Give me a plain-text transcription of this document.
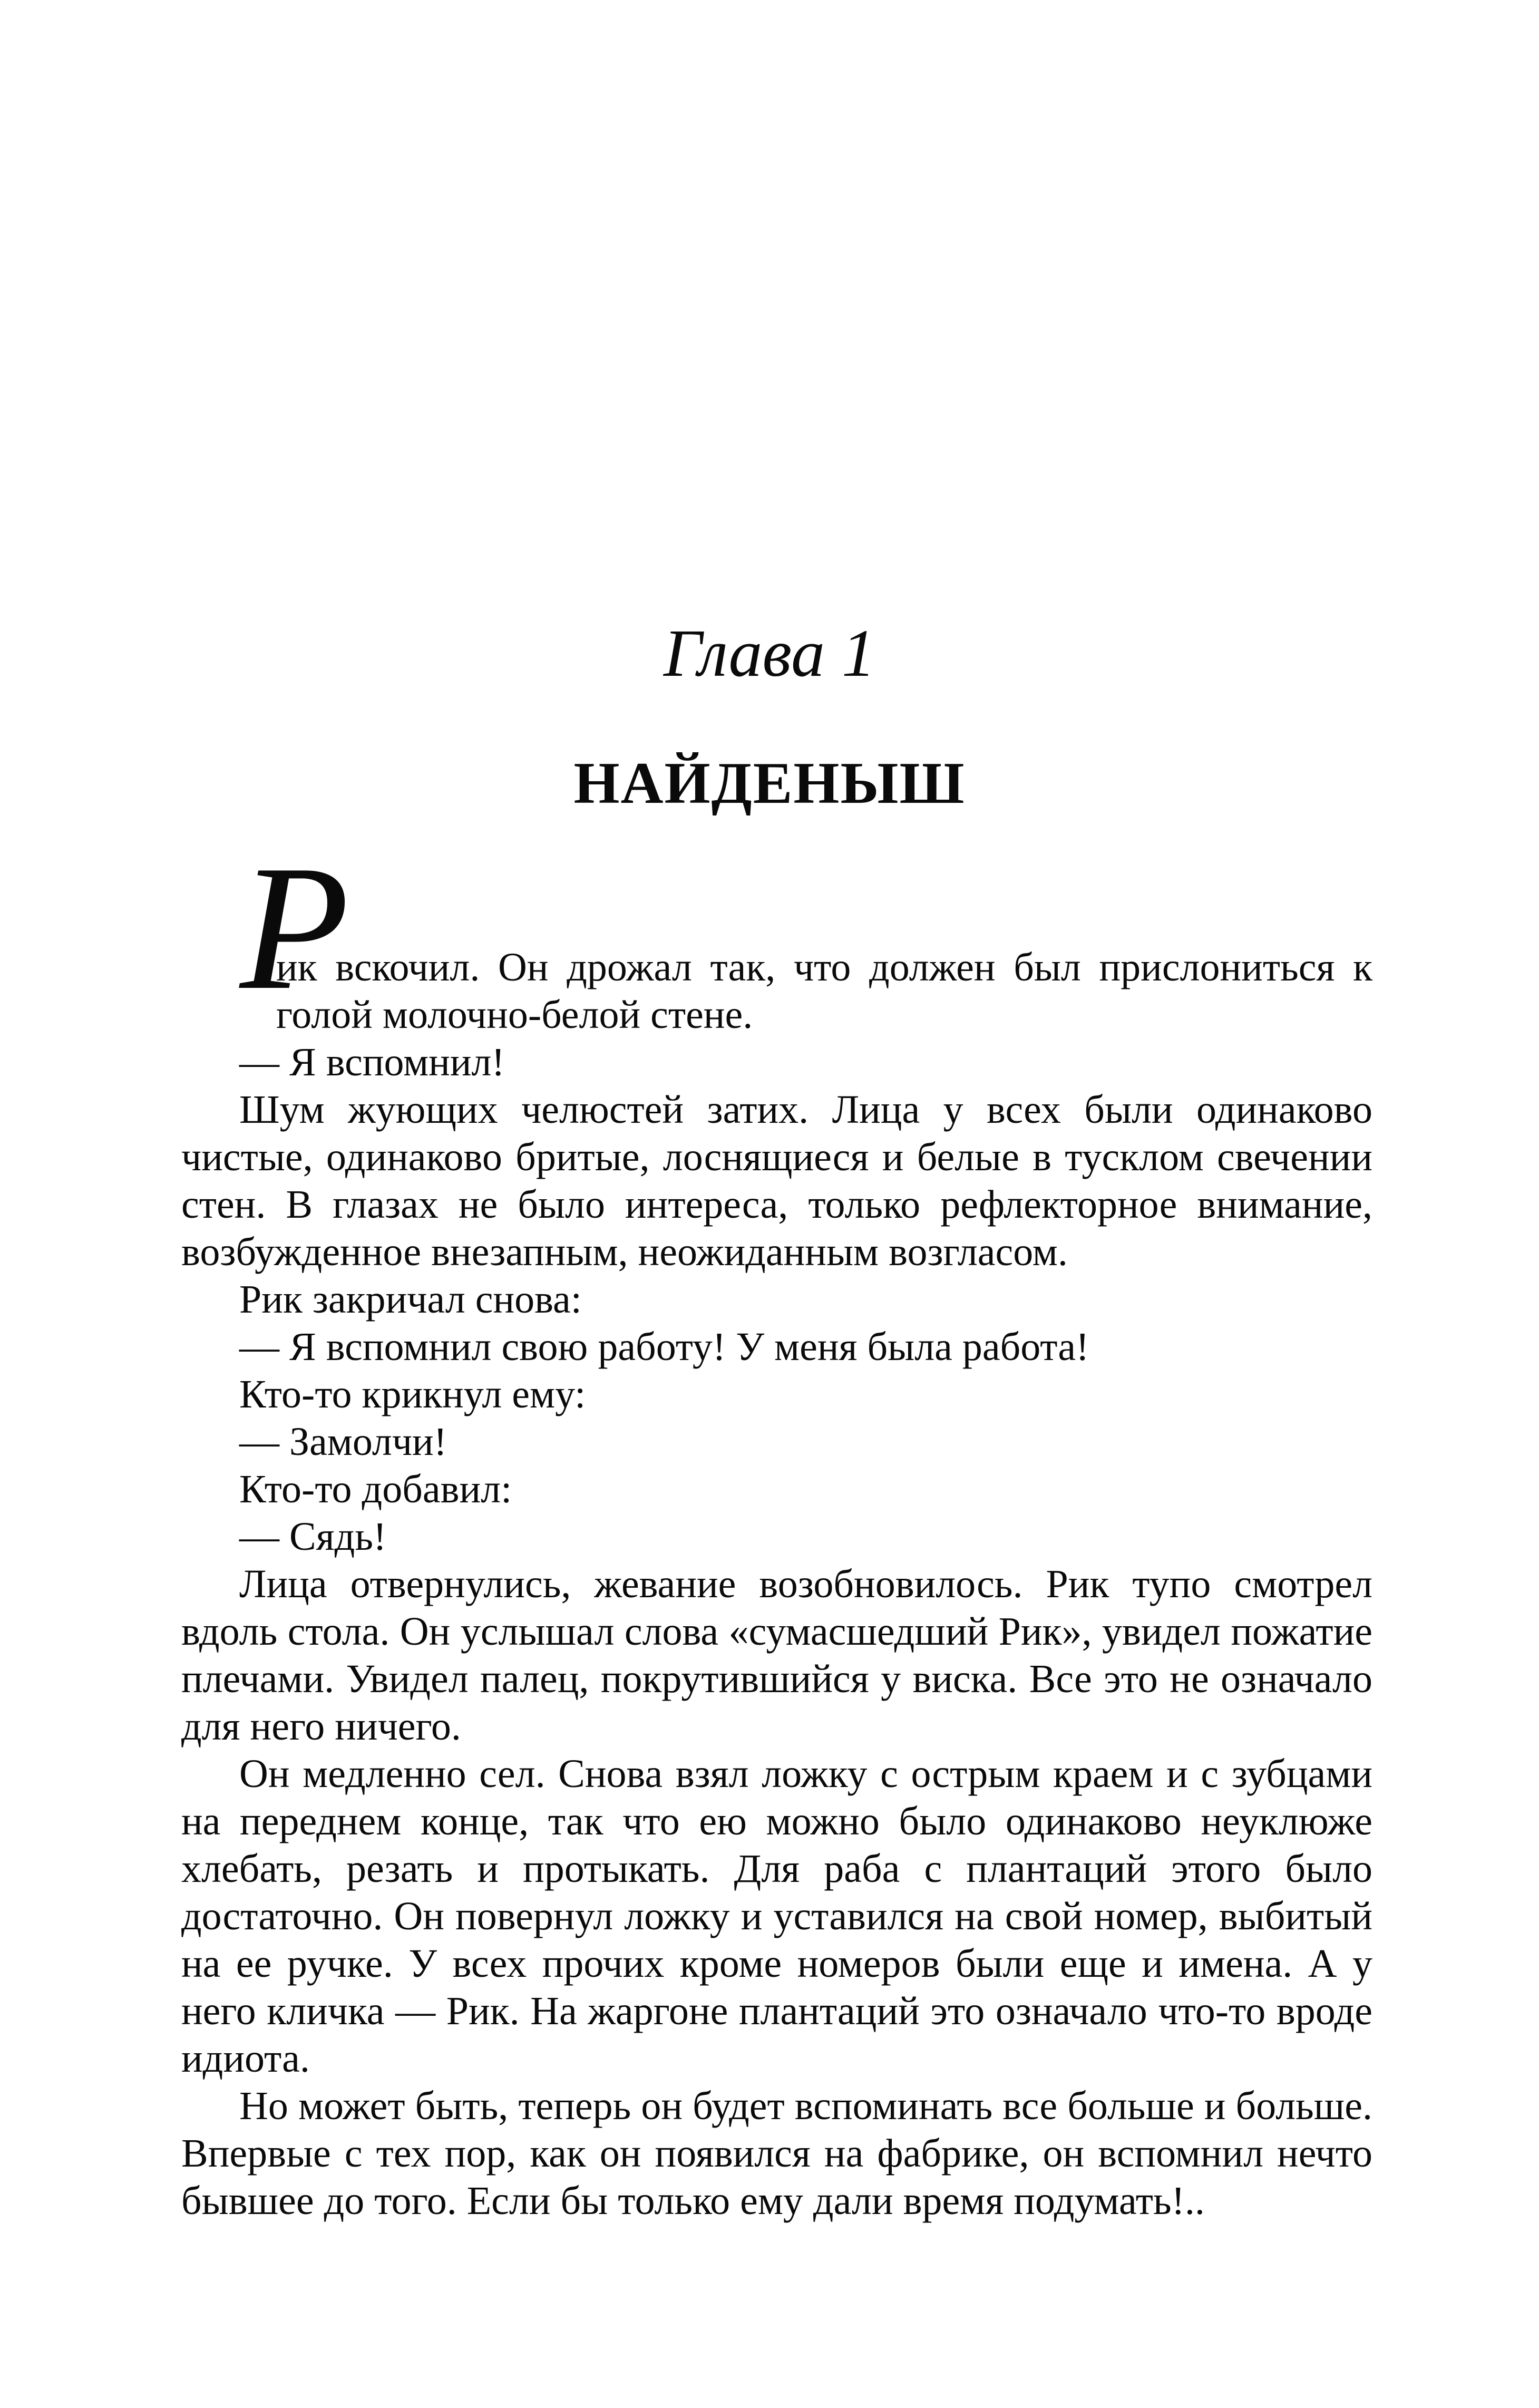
Глава 1
НАЙДЕНЫШ
Р

ик вскочил. Он дрожал так, что должен был прислониться к голой молочно-белой стене.

— Я вспомнил!

Шум жующих челюстей затих. Лица у всех были одинаково чистые, одинаково бритые, лоснящиеся и белые в тусклом свечении стен. В глазах не было интереса, только рефлекторное внимание, возбужденное внезапным, неожиданным возгласом.

Рик закричал снова:

— Я вспомнил свою работу! У меня была работа!

Кто-то крикнул ему:

— Замолчи!

Кто-то добавил:

— Сядь!

Лица отвернулись, жевание возобновилось. Рик тупо смотрел вдоль стола. Он услышал слова «сумасшедший Рик», увидел пожатие плечами. Увидел палец, покрутившийся у виска. Все это не означало для него ничего.

Он медленно сел. Снова взял ложку с острым краем и с зубцами на переднем конце, так что ею можно было одинаково неуклюже хлебать, резать и протыкать. Для раба с плантаций этого было достаточно. Он повернул ложку и уставился на свой номер, выбитый на ее ручке. У всех прочих кроме номеров были еще и имена. А у него кличка — Рик. На жаргоне плантаций это означало что-то вроде идиота.

Но может быть, теперь он будет вспоминать все больше и больше. Впервые с тех пор, как он появился на фабрике, он вспомнил нечто бывшее до того. Если бы только ему дали время подумать!..
